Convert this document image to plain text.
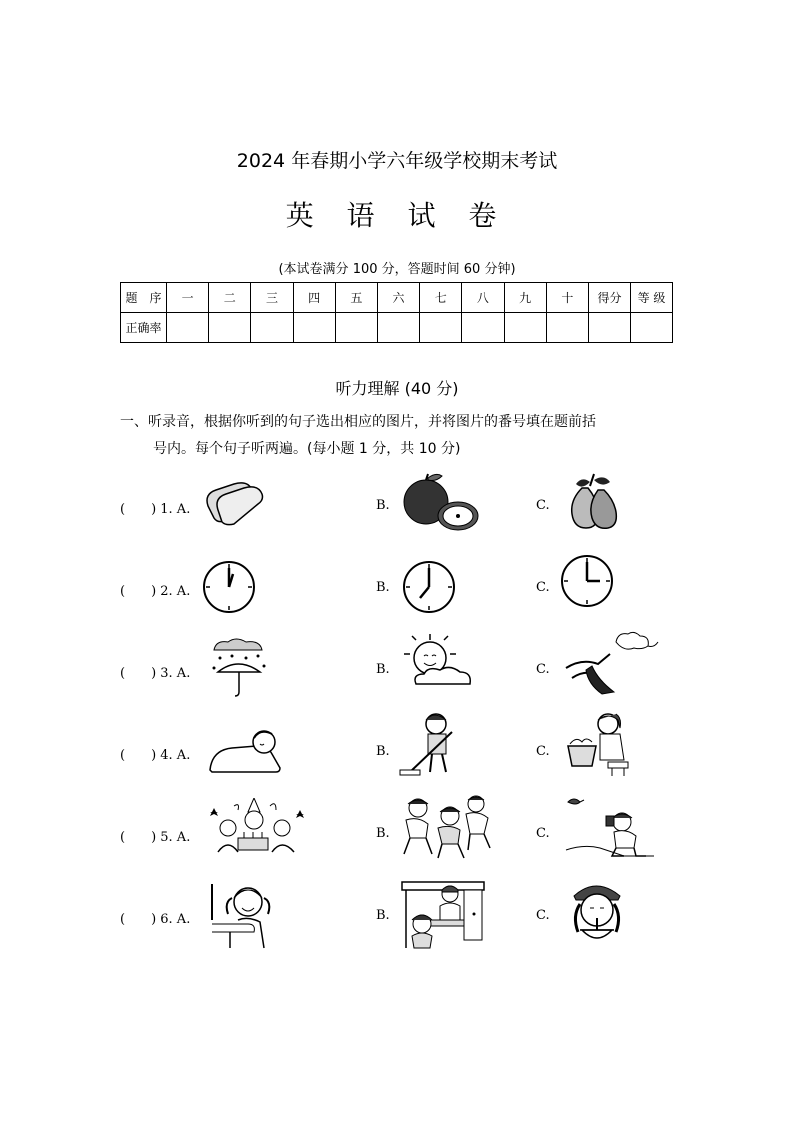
2024 年春期小学六年级学校期末考试
英 语 试 卷
(本试卷满分 100 分，答题时间 60 分钟)
题　序	一	二	三	四	五	六	七	八	九	十	得分	等 级
正确率												
听力理解 (40 分)
一、听录音，根据你听到的句子选出相应的图片，并将图片的番号填在题前括
号内。每个句子听两遍。(每小题 1 分，共 10 分)
(　　) 1. A.	B.	C.
(　　) 2. A.	B.	C.
(　　) 3. A.	B.	C.
(　　) 4. A.	B.	C.
(　　) 5. A.	B.	C.
(　　) 6. A.	B.	C.
